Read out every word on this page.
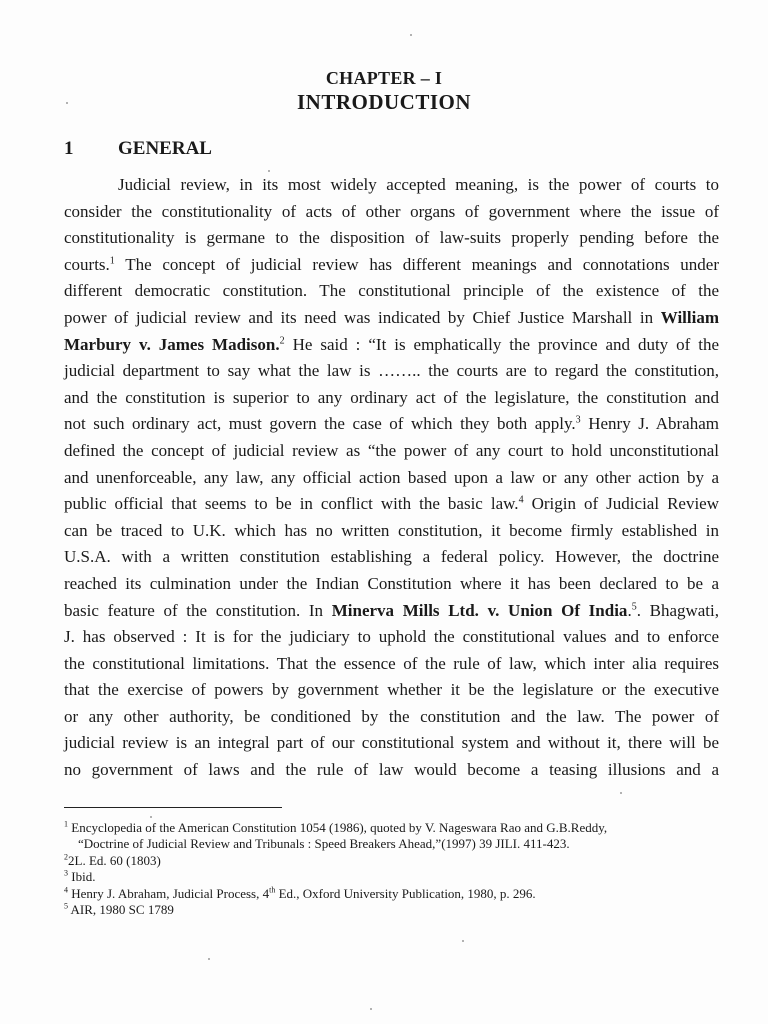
CHAPTER – I
INTRODUCTION
1 GENERAL
Judicial review, in its most widely accepted meaning, is the power of courts to
consider the constitutionality of acts of other organs of government where the issue of
constitutionality is germane to the disposition of law-suits properly pending before the
courts.$^1$ The concept of judicial review has different meanings and connotations under
different democratic constitution. The constitutional principle of the existence of the
power of judicial review and its need was indicated by Chief Justice Marshall in William
Marbury v. James Madison.$^2$ He said : “It is emphatically the province and duty of the
judicial department to say what the law is …….. the courts are to regard the constitution,
and the constitution is superior to any ordinary act of the legislature, the constitution and
not such ordinary act, must govern the case of which they both apply.$^3$ Henry J. Abraham
defined the concept of judicial review as “the power of any court to hold unconstitutional
and unenforceable, any law, any official action based upon a law or any other action by a
public official that seems to be in conflict with the basic law.$^4$ Origin of Judicial Review
can be traced to U.K. which has no written constitution, it become firmly established in
U.S.A. with a written constitution establishing a federal policy. However, the doctrine
reached its culmination under the Indian Constitution where it has been declared to be a
basic feature of the constitution. In Minerva Mills Ltd. v. Union Of India.$^5$. Bhagwati,
J. has observed : It is for the judiciary to uphold the constitutional values and to enforce
the constitutional limitations. That the essence of the rule of law, which inter alia requires
that the exercise of powers by government whether it be the legislature or the executive
or any other authority, be conditioned by the constitution and the law. The power of
judicial review is an integral part of our constitutional system and without it, there will be
no government of laws and the rule of law would become a teasing illusions and a
$^1$ Encyclopedia of the American Constitution 1054 (1986), quoted by V. Nageswara Rao and G.B.Reddy,
“Doctrine of Judicial Review and Tribunals : Speed Breakers Ahead,”(1997) 39 JILI. 411-423.
$^2$2L. Ed. 60 (1803)
$^3$ Ibid.
$^4$ Henry J. Abraham, Judicial Process, 4th Ed., Oxford University Publication, 1980, p. 296.
$^5$ AIR, 1980 SC 1789
